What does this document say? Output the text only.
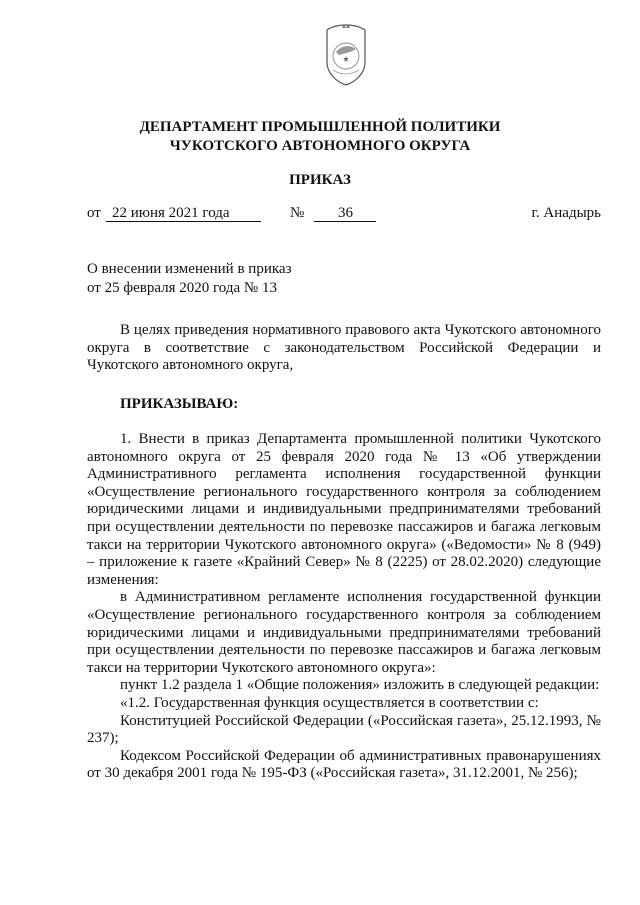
ДЕПАРТАМЕНТ ПРОМЫШЛЕННОЙ ПОЛИТИКИ
ЧУКОТСКОГО АВТОНОМНОГО ОКРУГА
ПРИКАЗ
от 22 июня 2021 года	№ 36	г. Анадырь
О внесении изменений в приказ
от 25 февраля 2020 года № 13

В целях приведения нормативного правового акта Чукотского автономного округа в соответствие с законодательством Российской Федерации и Чукотского автономного округа,

ПРИКАЗЫВАЮ:

1. Внести в приказ Департамента промышленной политики Чукотского автономного округа от 25 февраля 2020 года № 13 «Об утверждении Административного регламента исполнения государственной функции «Осуществление регионального государственного контроля за соблюдением юридическими лицами и индивидуальными предпринимателями требований при осуществлении деятельности по перевозке пассажиров и багажа легковым такси на территории Чукотского автономного округа» («Ведомости» № 8 (949) – приложение к газете «Крайний Север» № 8 (2225) от 28.02.2020) следующие изменения:

в Административном регламенте исполнения государственной функции «Осуществление регионального государственного контроля за соблюдением юридическими лицами и индивидуальными предпринимателями требований при осуществлении деятельности по перевозке пассажиров и багажа легковым такси на территории Чукотского автономного округа»:

пункт 1.2 раздела 1 «Общие положения» изложить в следующей редакции:

«1.2. Государственная функция осуществляется в соответствии с:

Конституцией Российской Федерации («Российская газета», 25.12.1993, № 237);

Кодексом Российской Федерации об административных правонарушениях от 30 декабря 2001 года № 195-ФЗ («Российская газета», 31.12.2001, № 256);
